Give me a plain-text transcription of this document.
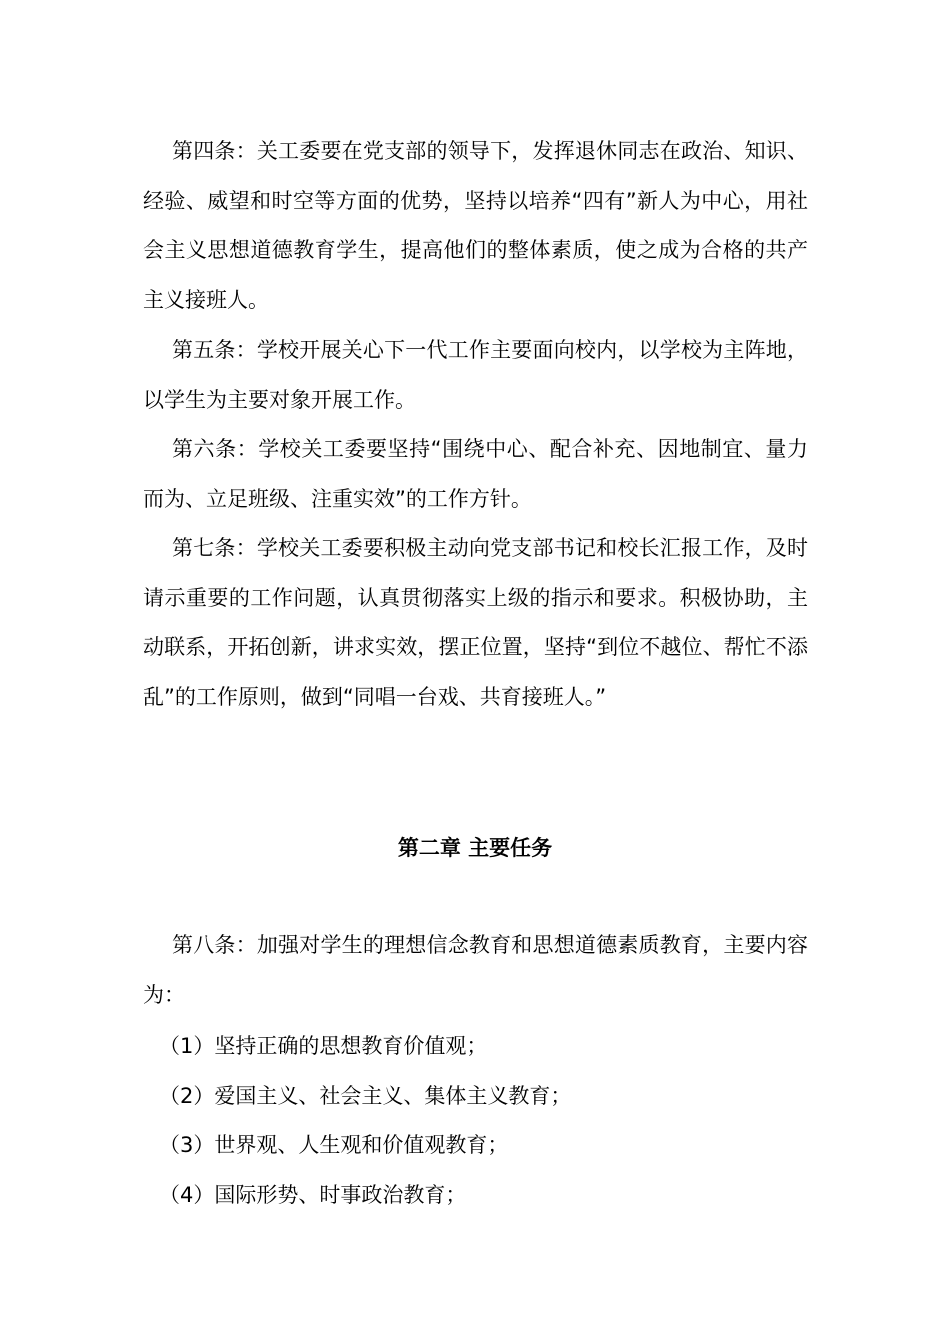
第四条：关工委要在党支部的领导下，发挥退休同志在政治、知识、经验、威望和时空等方面的优势，坚持以培养“四有”新人为中心，用社会主义思想道德教育学生，提高他们的整体素质，使之成为合格的共产主义接班人。

第五条：学校开展关心下一代工作主要面向校内，以学校为主阵地，以学生为主要对象开展工作。

第六条：学校关工委要坚持“围绕中心、配合补充、因地制宜、量力而为、立足班级、注重实效”的工作方针。

第七条：学校关工委要积极主动向党支部书记和校长汇报工作，及时请示重要的工作问题，认真贯彻落实上级的指示和要求。积极协助，主动联系，开拓创新，讲求实效，摆正位置，坚持“到位不越位、帮忙不添乱”的工作原则，做到“同唱一台戏、共育接班人。”

第二章 主要任务

第八条：加强对学生的理想信念教育和思想道德素质教育，主要内容为：

（1）坚持正确的思想教育价值观；

（2）爱国主义、社会主义、集体主义教育；

（3）世界观、人生观和价值观教育；

（4）国际形势、时事政治教育；
